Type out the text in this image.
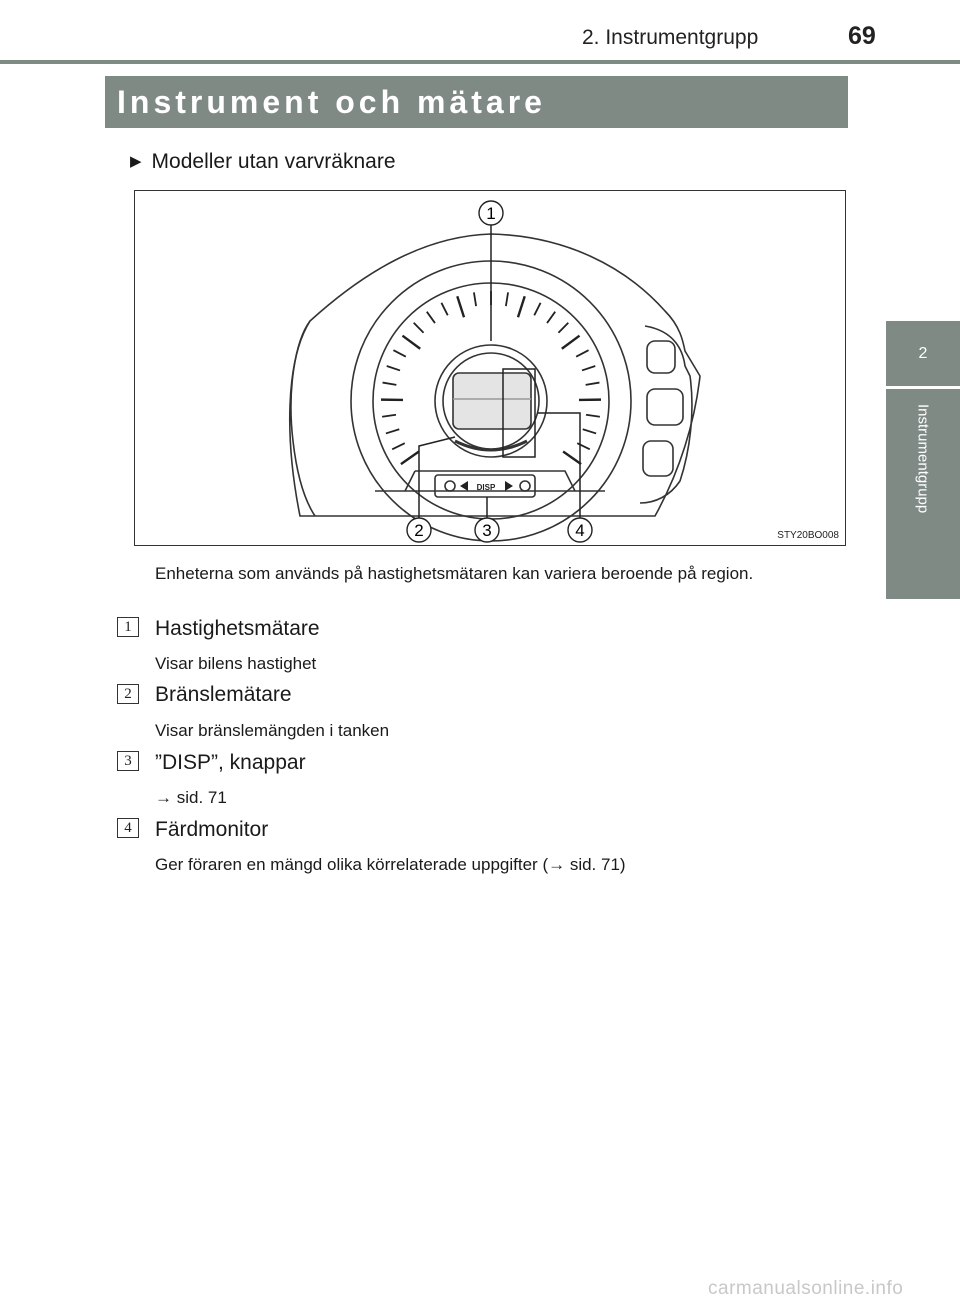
2. Instrumentgrupp	69
2
Instrumentgrupp
Instrument och mätare
▶ Modeller utan varvräknare
DISP
1
2	3	4	STY20BO008
Enheterna som används på hastighetsmätaren kan variera beroende på region.
1	Hastighetsmätare
Visar bilens hastighet
2	Bränslemätare
Visar bränslemängden i tanken
3	”DISP”, knappar
→ sid. 71
4	Färdmonitor
Ger föraren en mängd olika körrelaterade uppgifter (→ sid. 71)
carmanualsonline.info
